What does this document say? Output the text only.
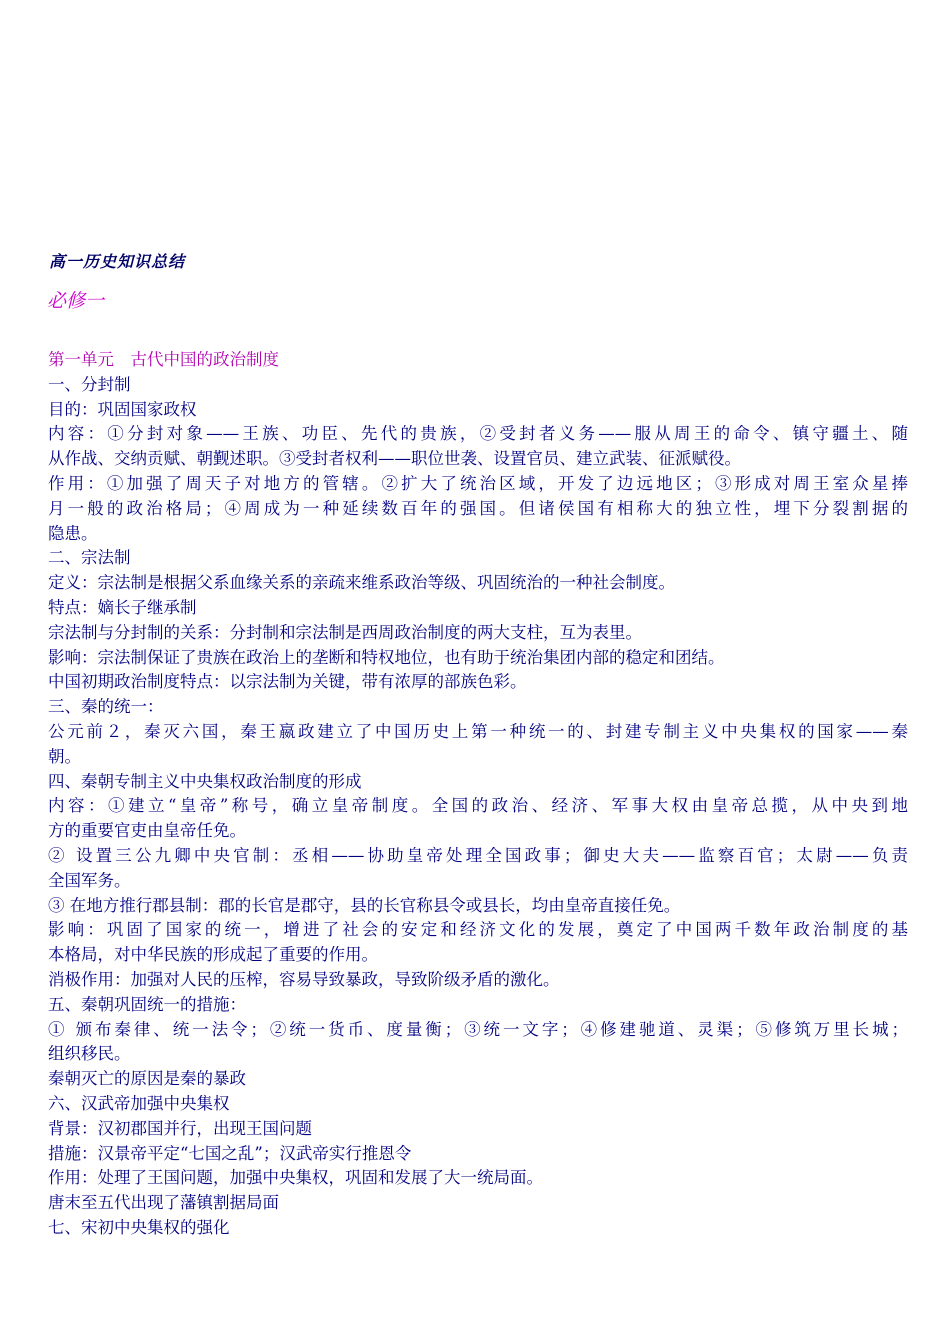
高一历史知识总结
必修一
第一单元　古代中国的政治制度
一、分封制
目的：巩固国家政权
内容：①分封对象——王族、功臣、先代的贵族，②受封者义务——服从周王的命令、镇守疆土、随
从作战、交纳贡赋、朝觐述职。③受封者权利——职位世袭、设置官员、建立武装、征派赋役。
作用：①加强了周天子对地方的管辖。②扩大了统治区域，开发了边远地区；③形成对周王室众星捧
月一般的政治格局；④周成为一种延续数百年的强国。但诸侯国有相称大的独立性，埋下分裂割据的
隐患。
二、宗法制
定义：宗法制是根据父系血缘关系的亲疏来维系政治等级、巩固统治的一种社会制度。
特点：嫡长子继承制
宗法制与分封制的关系：分封制和宗法制是西周政治制度的两大支柱，互为表里。
影响：宗法制保证了贵族在政治上的垄断和特权地位，也有助于统治集团内部的稳定和团结。
中国初期政治制度特点：以宗法制为关键，带有浓厚的部族色彩。
三、秦的统一：
公元前２，秦灭六国，秦王嬴政建立了中国历史上第一种统一的、封建专制主义中央集权的国家——秦
朝。
四、秦朝专制主义中央集权政治制度的形成
内容：①建立“皇帝”称号，确立皇帝制度。全国的政治、经济、军事大权由皇帝总揽，从中央到地
方的重要官吏由皇帝任免。
② 设置三公九卿中央官制：丞相——协助皇帝处理全国政事；御史大夫——监察百官；太尉——负责
全国军务。
③ 在地方推行郡县制：郡的长官是郡守，县的长官称县令或县长，均由皇帝直接任免。
影响：巩固了国家的统一，增进了社会的安定和经济文化的发展，奠定了中国两千数年政治制度的基
本格局，对中华民族的形成起了重要的作用。
消极作用：加强对人民的压榨，容易导致暴政，导致阶级矛盾的激化。
五、秦朝巩固统一的措施：
① 颁布秦律、统一法令；②统一货币、度量衡；③统一文字；④修建驰道、灵渠；⑤修筑万里长城；
组织移民。
秦朝灭亡的原因是秦的暴政
六、汉武帝加强中央集权
背景：汉初郡国并行，出现王国问题
措施：汉景帝平定“七国之乱”；汉武帝实行推恩令
作用：处理了王国问题，加强中央集权，巩固和发展了大一统局面。
唐末至五代出现了藩镇割据局面
七、宋初中央集权的强化
